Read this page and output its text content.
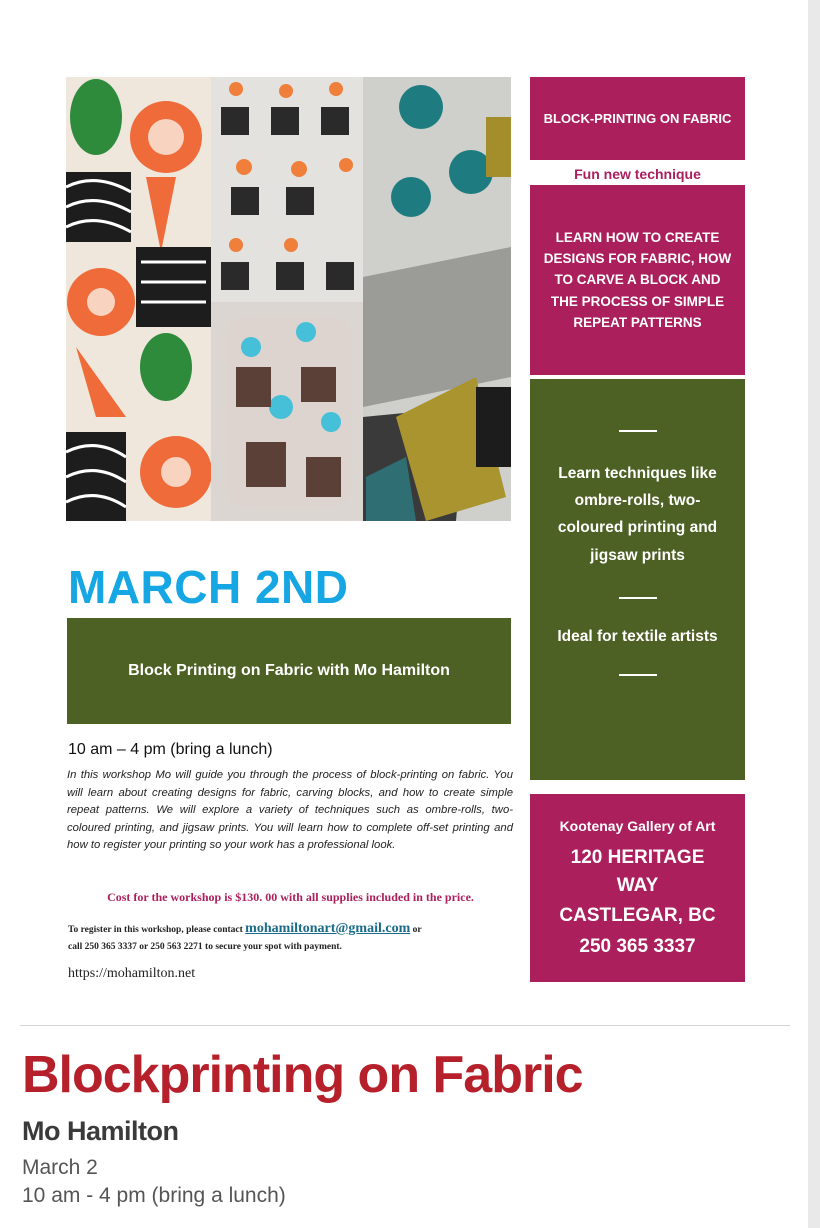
BLOCK-PRINTING ON FABRIC
Fun new technique
LEARN HOW TO CREATE DESIGNS FOR FABRIC, HOW TO CARVE A BLOCK AND THE PROCESS OF SIMPLE REPEAT PATTERNS
Learn techniques like ombre-rolls, two-coloured printing and jigsaw prints
Ideal for textile artists
Kootenay Gallery of Art
120 HERITAGE WAY
CASTLEGAR, BC
250 365 3337
MARCH 2ND
Block Printing on Fabric with Mo Hamilton
10 am – 4 pm (bring a lunch)
In this workshop Mo will guide you through the process of block-printing on fabric. You will learn about creating designs for fabric, carving blocks, and how to create simple repeat patterns. We will explore a variety of techniques such as ombre-rolls, two-coloured printing, and jigsaw prints. You will learn how to complete off-set printing and how to register your printing so your work has a professional look.
Cost for the workshop is $130. 00 with all supplies included in the price.
To register in this workshop, please contact mohamiltonart@gmail.com or
call 250 365 3337 or 250 563 2271 to secure your spot with payment.
https://mohamilton.net
Blockprinting on Fabric
Mo Hamilton
March 2
10 am - 4 pm (bring a lunch)
